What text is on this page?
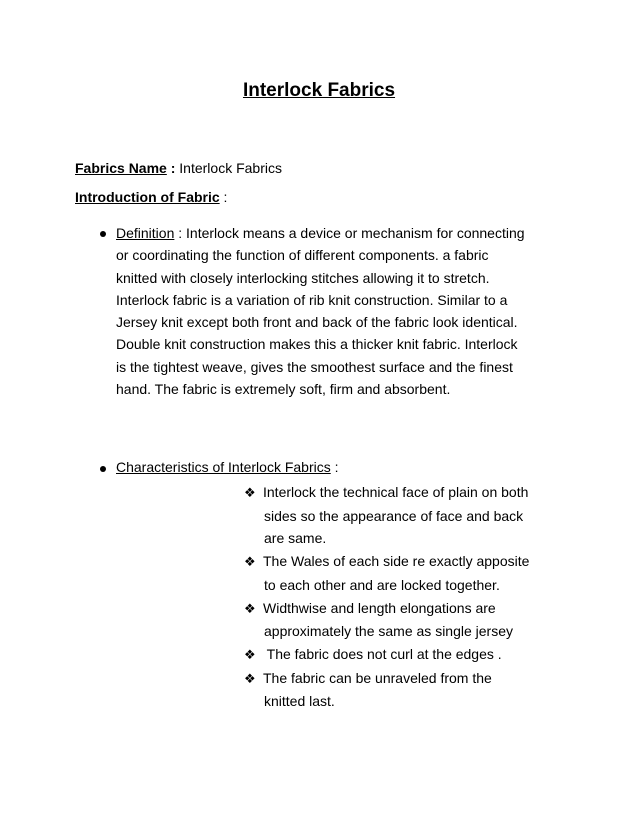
Interlock Fabrics
Fabrics Name : Interlock Fabrics
Introduction of Fabric :
Definition : Interlock means a device or mechanism for connecting
or coordinating the function of different components. a fabric
knitted with closely interlocking stitches allowing it to stretch.
Interlock fabric is a variation of rib knit construction. Similar to a
Jersey knit except both front and back of the fabric look identical.
Double knit construction makes this a thicker knit fabric. Interlock
is the tightest weave, gives the smoothest surface and the finest
hand. The fabric is extremely soft, firm and absorbent.
Characteristics of Interlock Fabrics :
❖ Interlock the technical face of plain on both
sides so the appearance of face and back
are same.
❖ The Wales of each side re exactly apposite
to each other and are locked together.
❖ Widthwise and length elongations are
approximately the same as single jersey
❖ The fabric does not curl at the edges .
❖ The fabric can be unraveled from the
knitted last.
